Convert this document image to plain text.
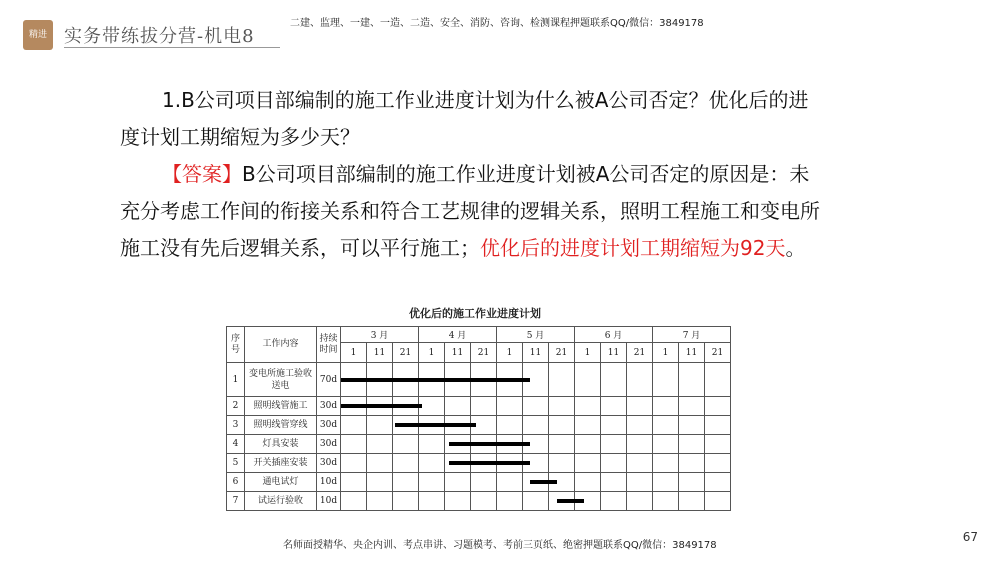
精进 实务带练拔分营-机电8
二建、监理、一建、一造、二造、安全、消防、咨询、检测课程押题联系QQ/微信：3849178

1.B公司项目部编制的施工作业进度计划为什么被A公司否定？优化后的进度计划工期缩短为多少天？

【答案】B公司项目部编制的施工作业进度计划被A公司否定的原因是：未充分考虑工作间的衔接关系和符合工艺规律的逻辑关系，照明工程施工和变电所施工没有先后逻辑关系，可以平行施工；优化后的进度计划工期缩短为92天。

优化后的施工作业进度计划
序号	工作内容	持续时间	3 月			4 月			5 月			6 月			7 月		
			1	11	21	1	11	21	1	11	21	1	11	21	1	11	21
1	变电所施工验收送电	70d	

2	照明线管施工	30d	

3	照明线管穿线	30d	

4	灯具安装	30d	

5	开关插座安装	30d	

6	通电试灯	10d	

7	试运行验收	10d	

名师面授精华、央企内训、考点串讲、习题模考、考前三页纸、绝密押题联系QQ/微信：3849178
67
